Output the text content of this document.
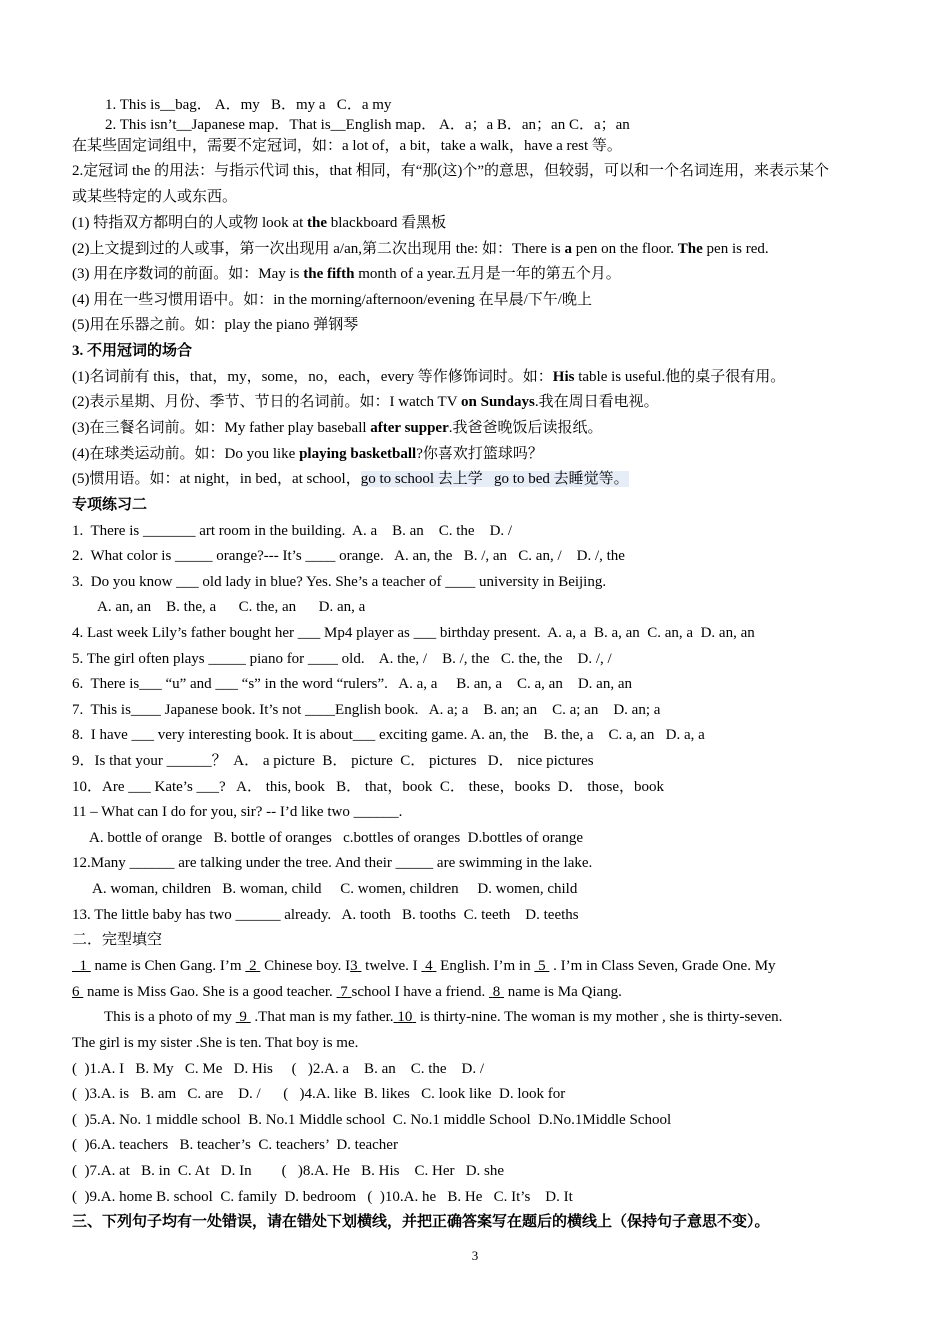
1. This is__bag． A．my   B．my a   C．a my
2. This isn’t__Japanese map．That is__English map． A．a；a B．an；an C．a；an
在某些固定词组中，需要不定冠词，如：a lot of，a bit，take a walk，have a rest 等。
2.定冠词 the 的用法：与指示代词 this，that 相同，有“那(这)个”的意思，但较弱，可以和一个名词连用，来表示某个
或某些特定的人或东西。
(1) 特指双方都明白的人或物 look at the blackboard 看黑板
(2)上文提到过的人或事，第一次出现用 a/an,第二次出现用 the: 如：There is a pen on the floor. The pen is red.
(3) 用在序数词的前面。如：May is the fifth month of a year.五月是一年的第五个月。
(4) 用在一些习惯用语中。如：in the morning/afternoon/evening 在早晨/下午/晚上
(5)用在乐器之前。如：play the piano 弹钢琴
3. 不用冠词的场合
(1)名词前有 this，that，my，some，no，each，every 等作修饰词时。如：His table is useful.他的桌子很有用。
(2)表示星期、月份、季节、节日的名词前。如：I watch TV on Sundays.我在周日看电视。
(3)在三餐名词前。如：My father play baseball after supper.我爸爸晚饭后读报纸。
(4)在球类运动前。如：Do you like playing basketball?你喜欢打篮球吗？
(5)惯用语。如：at night，in bed，at school，go to school 去上学   go to bed 去睡觉等。
专项练习二
1.  There is _______ art room in the building.  A. a    B. an    C. the    D. /
2.  What color is _____ orange?--- It’s ____ orange.   A. an, the   B. /, an   C. an, /    D. /, the
3.  Do you know ___ old lady in blue? Yes. She’s a teacher of ____ university in Beijing.
A. an, an    B. the, a      C. the, an      D. an, a
4. Last week Lily’s father bought her ___ Mp4 player as ___ birthday present.  A. a, a  B. a, an  C. an, a  D. an, an
5. The girl often plays _____ piano for ____ old.    A. the, /    B. /, the   C. the, the    D. /, /
6.  There is___ “u” and ___ “s” in the word “rulers”.   A. a, a     B. an, a    C. a, an    D. an, an
7.  This is____ Japanese book. It’s not ____English book.   A. a; a    B. an; an    C. a; an    D. an; a
8.  I have ___ very interesting book. It is about___ exciting game. A. an, the    B. the, a    C. a, an   D. a, a
9．Is that your ______？  A． a picture  B． picture  C． pictures   D． nice pictures
10．Are ___ Kate’s ___?   A． this, book   B． that，book  C． these，books  D． those，book
11 – What can I do for you, sir? -- I’d like two ______.
A. bottle of orange   B. bottle of oranges   c.bottles of oranges  D.bottles of orange
12.Many ______ are talking under the tree. And their _____ are swimming in the lake.
A. woman, children   B. woman, child     C. women, children     D. women, child
13. The little baby has two ______ already.   A. tooth   B. tooths  C. teeth    D. teeths
二．完型填空
1  name is Chen Gang. I’m  2  Chinese boy. I3  twelve. I  4  English. I’m in  5  . I’m in Class Seven, Grade One. My
6  name is Miss Gao. She is a good teacher.  7 school I have a friend.  8  name is Ma Qiang.
This is a photo of my  9  .That man is my father. 10  is thirty-nine. The woman is my mother , she is thirty-seven.
The girl is my sister .She is ten. That boy is me.
(  )1.A. I   B. My   C. Me   D. His     (   )2.A. a    B. an    C. the    D. /
(  )3.A. is   B. am   C. are    D. /      (   )4.A. like  B. likes   C. look like  D. look for
(  )5.A. No. 1 middle school  B. No.1 Middle school  C. No.1 middle School  D.No.1Middle School
(  )6.A. teachers   B. teacher’s  C. teachers’  D. teacher
(  )7.A. at   B. in  C. At   D. In        (   )8.A. He   B. His    C. Her   D. she
(  )9.A. home B. school  C. family  D. bedroom   (  )10.A. he   B. He   C. It’s    D. It
三、下列句子均有一处错误，请在错处下划横线，并把正确答案写在题后的横线上（保持句子意思不变）。
3
